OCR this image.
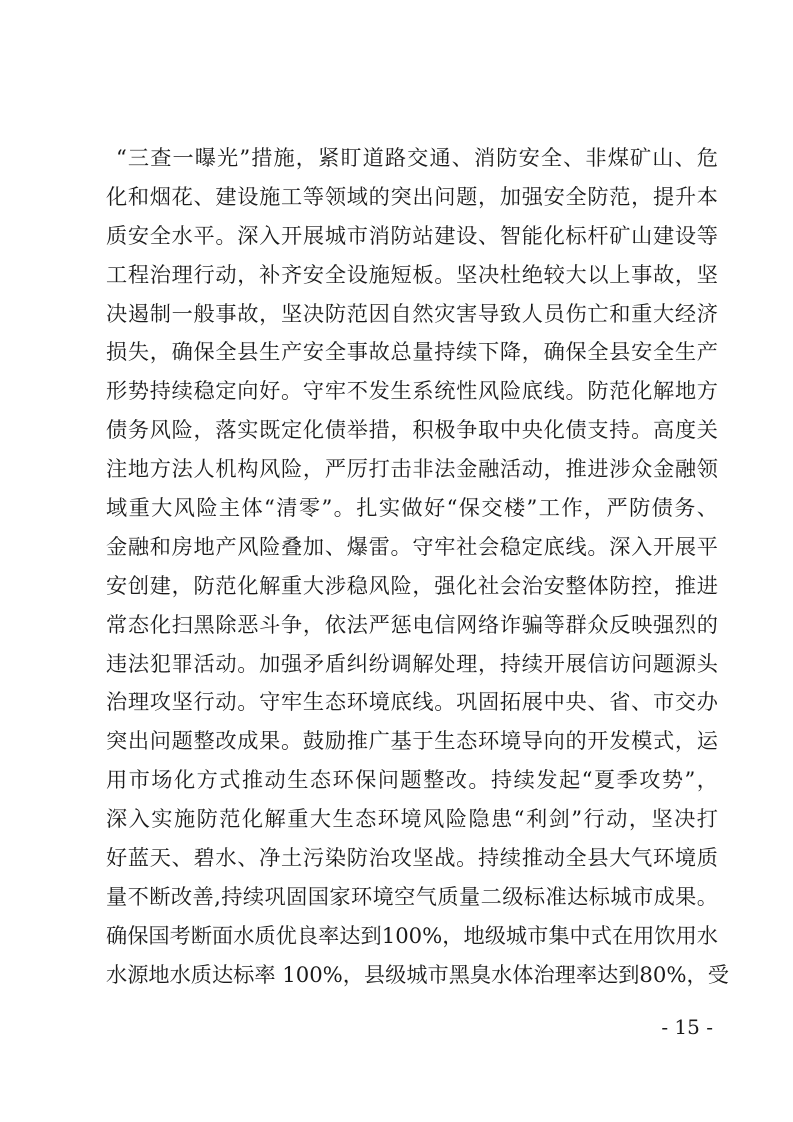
“三查一曝光”措施，紧盯道路交通、消防安全、非煤矿山、危
化和烟花、建设施工等领域的突出问题，加强安全防范，提升本
质安全水平。深入开展城市消防站建设、智能化标杆矿山建设等
工程治理行动，补齐安全设施短板。坚决杜绝较大以上事故，坚
决遏制一般事故，坚决防范因自然灾害导致人员伤亡和重大经济
损失，确保全县生产安全事故总量持续下降，确保全县安全生产
形势持续稳定向好。守牢不发生系统性风险底线。防范化解地方
债务风险，落实既定化债举措，积极争取中央化债支持。高度关
注地方法人机构风险，严厉打击非法金融活动，推进涉众金融领
域重大风险主体“清零”。扎实做好“保交楼”工作，严防债务、
金融和房地产风险叠加、爆雷。守牢社会稳定底线。深入开展平
安创建，防范化解重大涉稳风险，强化社会治安整体防控，推进
常态化扫黑除恶斗争，依法严惩电信网络诈骗等群众反映强烈的
违法犯罪活动。加强矛盾纠纷调解处理，持续开展信访问题源头
治理攻坚行动。守牢生态环境底线。巩固拓展中央、省、市交办
突出问题整改成果。鼓励推广基于生态环境导向的开发模式，运
用市场化方式推动生态环保问题整改。持续发起“夏季攻势”，
深入实施防范化解重大生态环境风险隐患“利剑”行动，坚决打
好蓝天、碧水、净土污染防治攻坚战。持续推动全县大气环境质
量不断改善,持续巩固国家环境空气质量二级标准达标城市成果。
确保国考断面水质优良率达到100%，地级城市集中式在用饮用水
水源地水质达标率 100%，县级城市黑臭水体治理率达到80%，受
- 15 -
